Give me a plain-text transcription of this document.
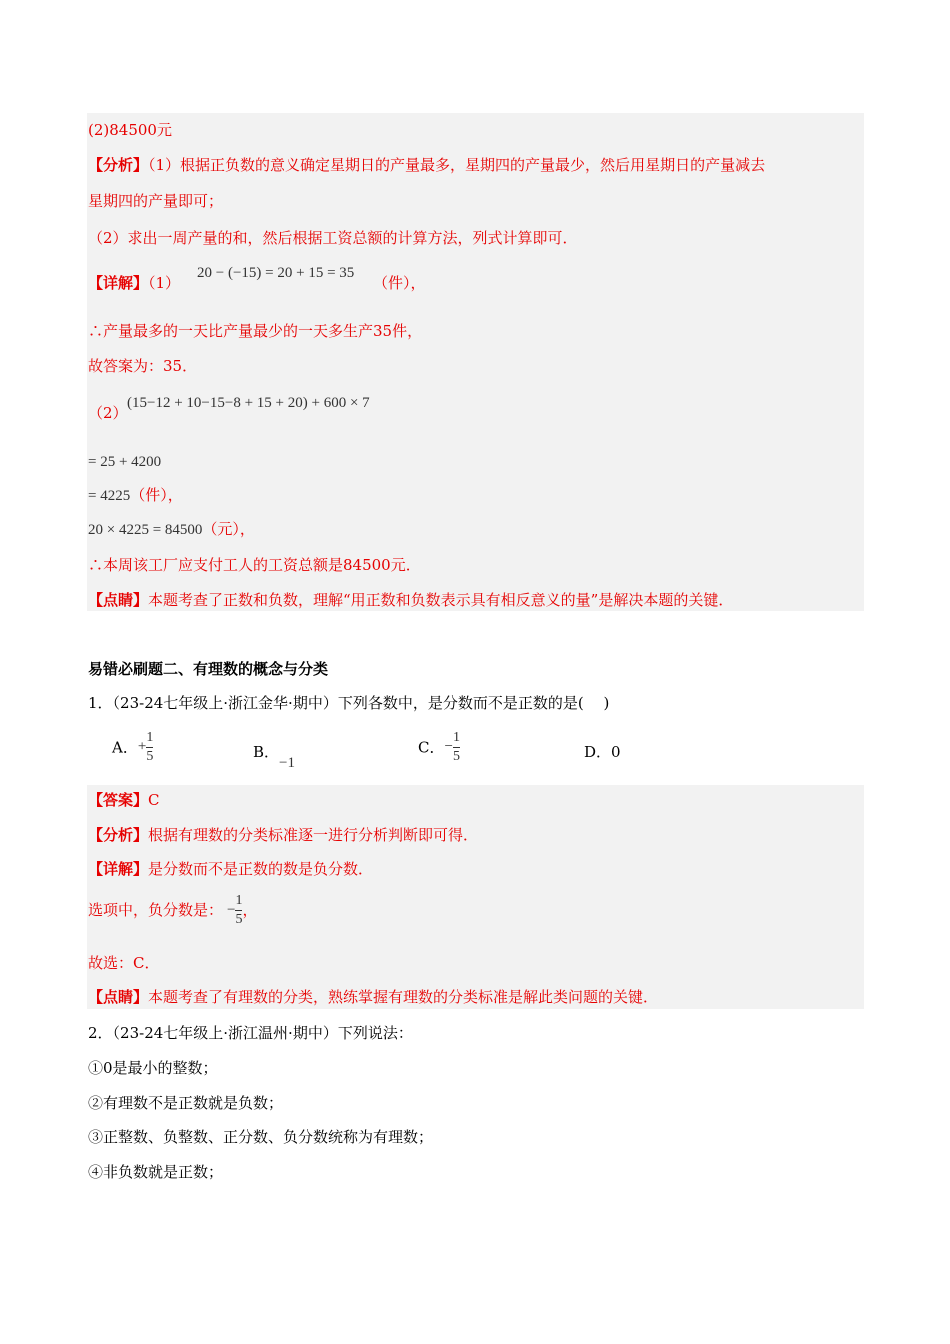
(2)84500元
【分析】（1）根据正负数的意义确定星期日的产量最多，星期四的产量最少，然后用星期日的产量减去
星期四的产量即可；
（2）求出一周产量的和，然后根据工资总额的计算方法，列式计算即可．
【详解】（1）
20 − (−15) = 20 + 15 = 35
（件），
∴产量最多的一天比产量最少的一天多生产35件，
故答案为：35．
（2）
(15−12 + 10−15−8 + 15 + 20) + 600 × 7
= 25 + 4200
= 4225（件），
20 × 4225 = 84500（元），
∴本周该工厂应支付工人的工资总额是84500元．
【点睛】本题考查了正数和负数，理解“用正数和负数表示具有相反意义的量”是解决本题的关键．
易错必刷题二、有理数的概念与分类
1．（23-24七年级上·浙江金华·期中）下列各数中，是分数而不是正数的是(　 )
A．+ $\frac{1}{5}$	B．−1
C．− $\frac{1}{5}$	D．0
【答案】C
【分析】根据有理数的分类标准逐一进行分析判断即可得．
【详解】是分数而不是正数的数是负分数．
选项中，负分数是： − $\frac{1}{5}$ ，
故选：C．
【点睛】本题考查了有理数的分类，熟练掌握有理数的分类标准是解此类问题的关键．
2．（23-24七年级上·浙江温州·期中）下列说法：
①0是最小的整数；
②有理数不是正数就是负数；
③正整数、负整数、正分数、负分数统称为有理数；
④非负数就是正数；
